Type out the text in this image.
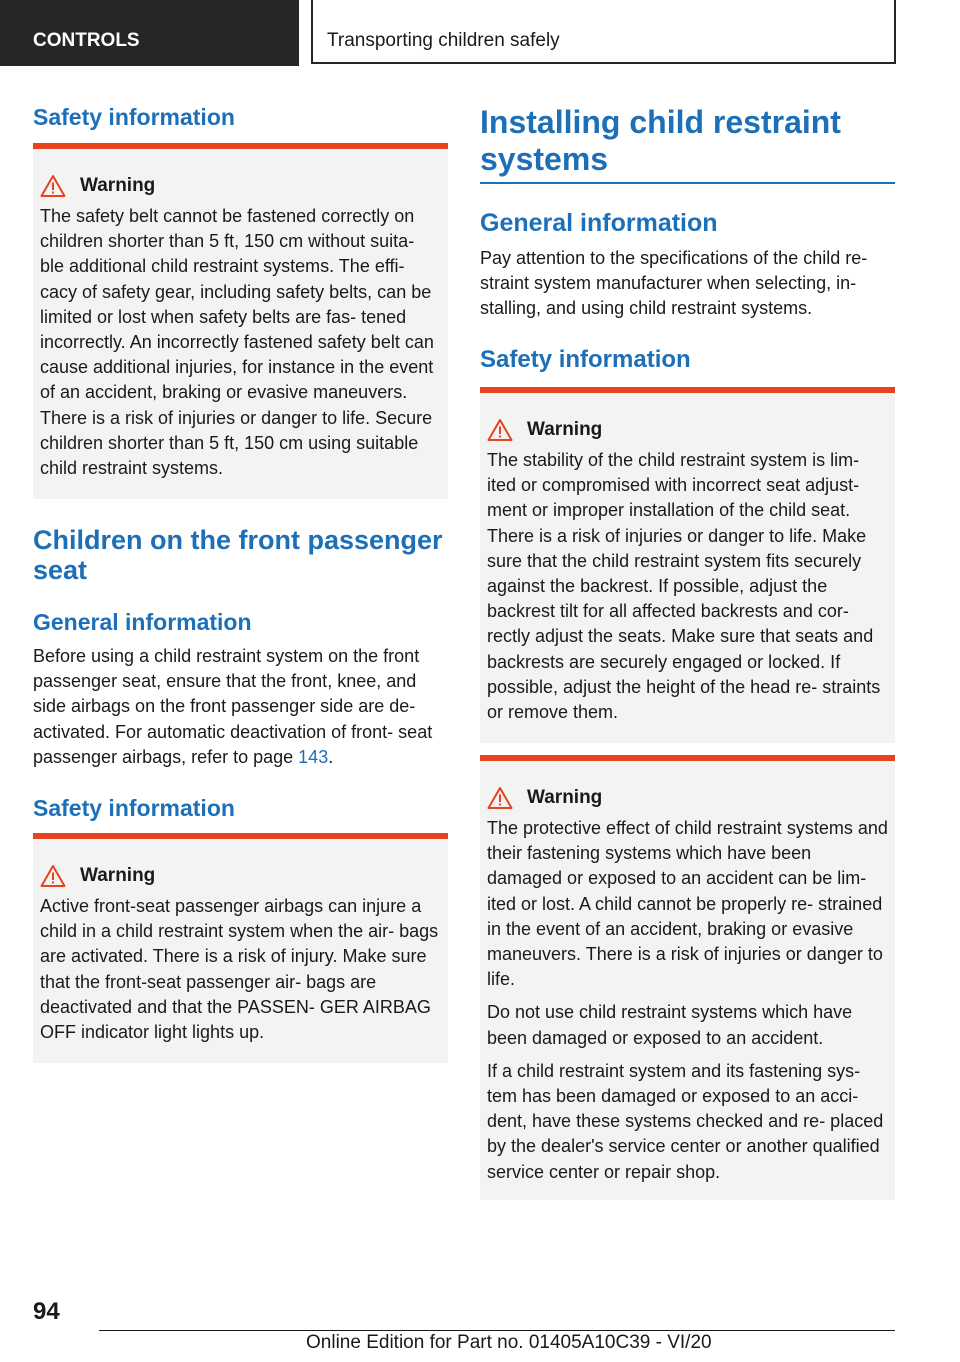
CONTROLS	Transporting children safely
Safety information
Warning

The safety belt cannot be fastened correctly on children shorter than 5 ft, 150 cm without suita‐ ble additional child restraint systems. The effi‐ cacy of safety gear, including safety belts, can be limited or lost when safety belts are fas‐ tened incorrectly. An incorrectly fastened safety belt can cause additional injuries, for instance in the event of an accident, braking or evasive maneuvers. There is a risk of injuries or danger to life. Secure children shorter than 5 ft, 150 cm using suitable child restraint systems.

Children on the front passenger seat
General information

Before using a child restraint system on the front passenger seat, ensure that the front, knee, and side airbags on the front passenger side are de‐ activated. For automatic deactivation of front- seat passenger airbags, refer to page 143.

Safety information
Warning

Active front-seat passenger airbags can injure a child in a child restraint system when the air‐ bags are activated. There is a risk of injury. Make sure that the front-seat passenger air‐ bags are deactivated and that the PASSEN‐ GER AIRBAG OFF indicator light lights up.

Installing child restraint systems
General information

Pay attention to the specifications of the child re‐ straint system manufacturer when selecting, in‐ stalling, and using child restraint systems.

Safety information
Warning

The stability of the child restraint system is lim‐ ited or compromised with incorrect seat adjust‐ ment or improper installation of the child seat. There is a risk of injuries or danger to life. Make sure that the child restraint system fits securely against the backrest. If possible, adjust the backrest tilt for all affected backrests and cor‐ rectly adjust the seats. Make sure that seats and backrests are securely engaged or locked. If possible, adjust the height of the head re‐ straints or remove them.

Warning

The protective effect of child restraint systems and their fastening systems which have been damaged or exposed to an accident can be lim‐ ited or lost. A child cannot be properly re‐ strained in the event of an accident, braking or evasive maneuvers. There is a risk of injuries or danger to life.

Do not use child restraint systems which have been damaged or exposed to an accident.

If a child restraint system and its fastening sys‐ tem has been damaged or exposed to an acci‐ dent, have these systems checked and re‐ placed by the dealer's service center or another qualified service center or repair shop.

94
Online Edition for Part no. 01405A10C39 - VI/20
